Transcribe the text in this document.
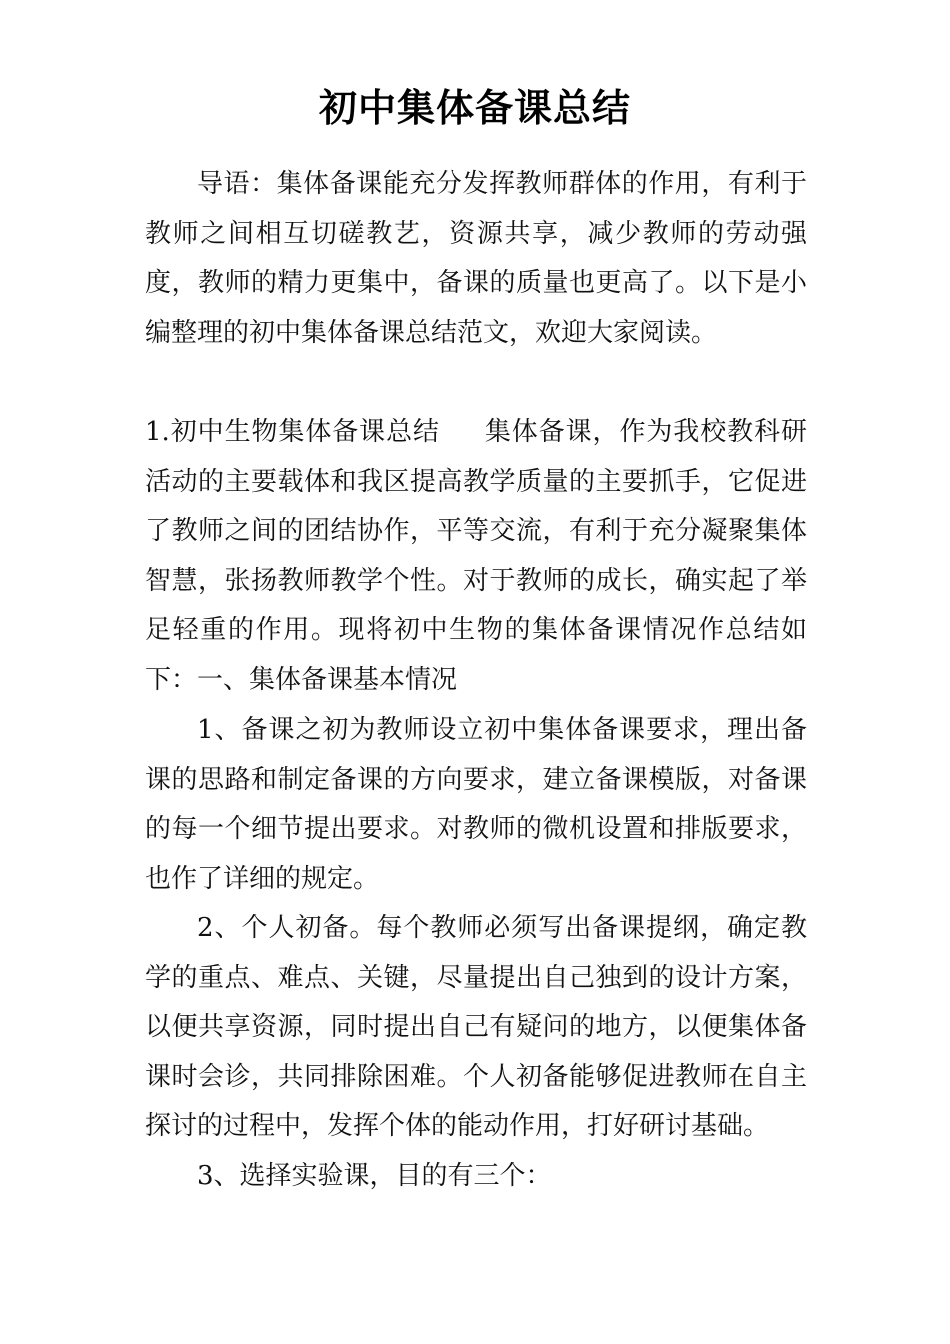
初中集体备课总结

导语：集体备课能充分发挥教师群体的作用，有利于教师之间相互切磋教艺，资源共享，减少教师的劳动强度，教师的精力更集中，备课的质量也更高了。以下是小编整理的初中集体备课总结范文，欢迎大家阅读。

1.初中生物集体备课总结 集体备课，作为我校教科研活动的主要载体和我区提高教学质量的主要抓手，它促进了教师之间的团结协作，平等交流，有利于充分凝聚集体智慧，张扬教师教学个性。对于教师的成长，确实起了举足轻重的作用。现将初中生物的集体备课情况作总结如下： 一、集体备课基本情况

1、备课之初为教师设立初中集体备课要求，理出备课的思路和制定备课的方向要求，建立备课模版，对备课的每一个细节提出要求。对教师的微机设置和排版要求，也作了详细的规定。

2、个人初备。每个教师必须写出备课提纲，确定教学的重点、难点、关键，尽量提出自己独到的设计方案，以便共享资源，同时提出自己有疑问的地方，以便集体备课时会诊，共同排除困难。个人初备能够促进教师在自主探讨的过程中，发挥个体的能动作用，打好研讨基础。

3、选择实验课，目的有三个：
